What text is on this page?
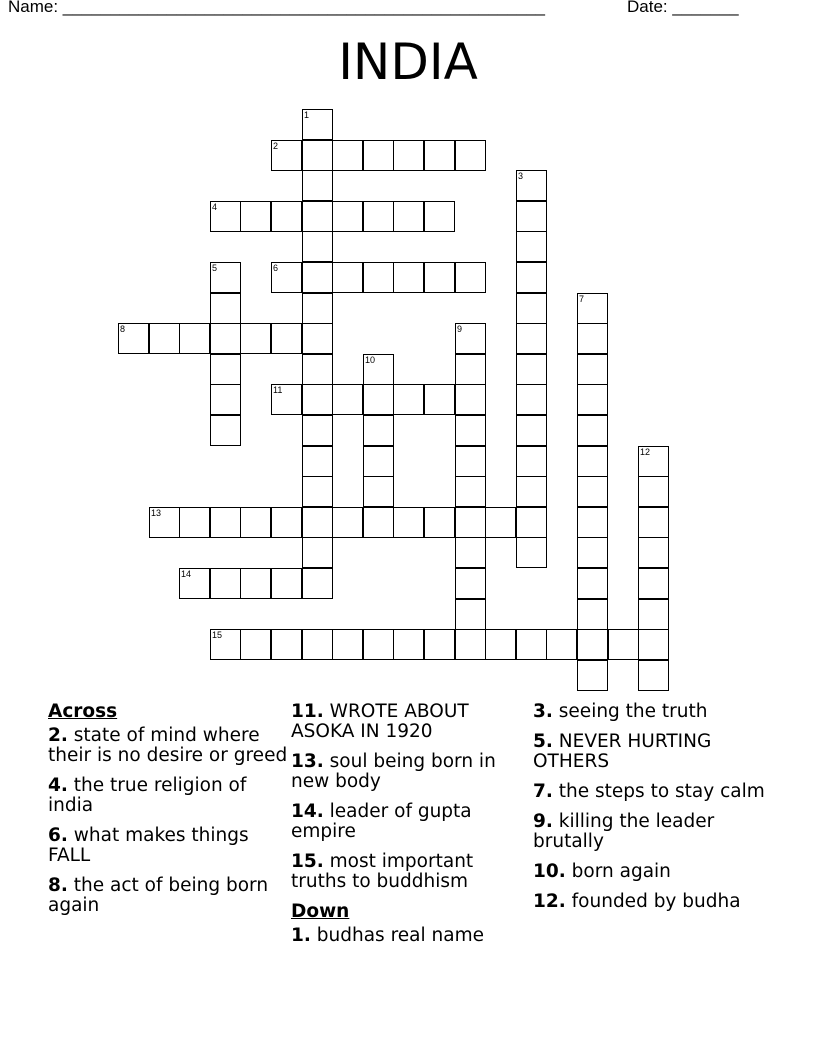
Name: ___________________________________________________	Date: _______
INDIA
1
2
3
4
5	6
7
8	9
10
11
12
13
14
15
Across
2. state of mind where their is no desire or greed
4. the true religion of india
6. what makes things FALL
8. the act of being born again
11. WROTE ABOUT ASOKA IN 1920
13. soul being born in new body
14. leader of gupta empire
15. most important truths to buddhism
Down
1. budhas real name
3. seeing the truth
5. NEVER HURTING OTHERS
7. the steps to stay calm
9. killing the leader brutally
10. born again
12. founded by budha
